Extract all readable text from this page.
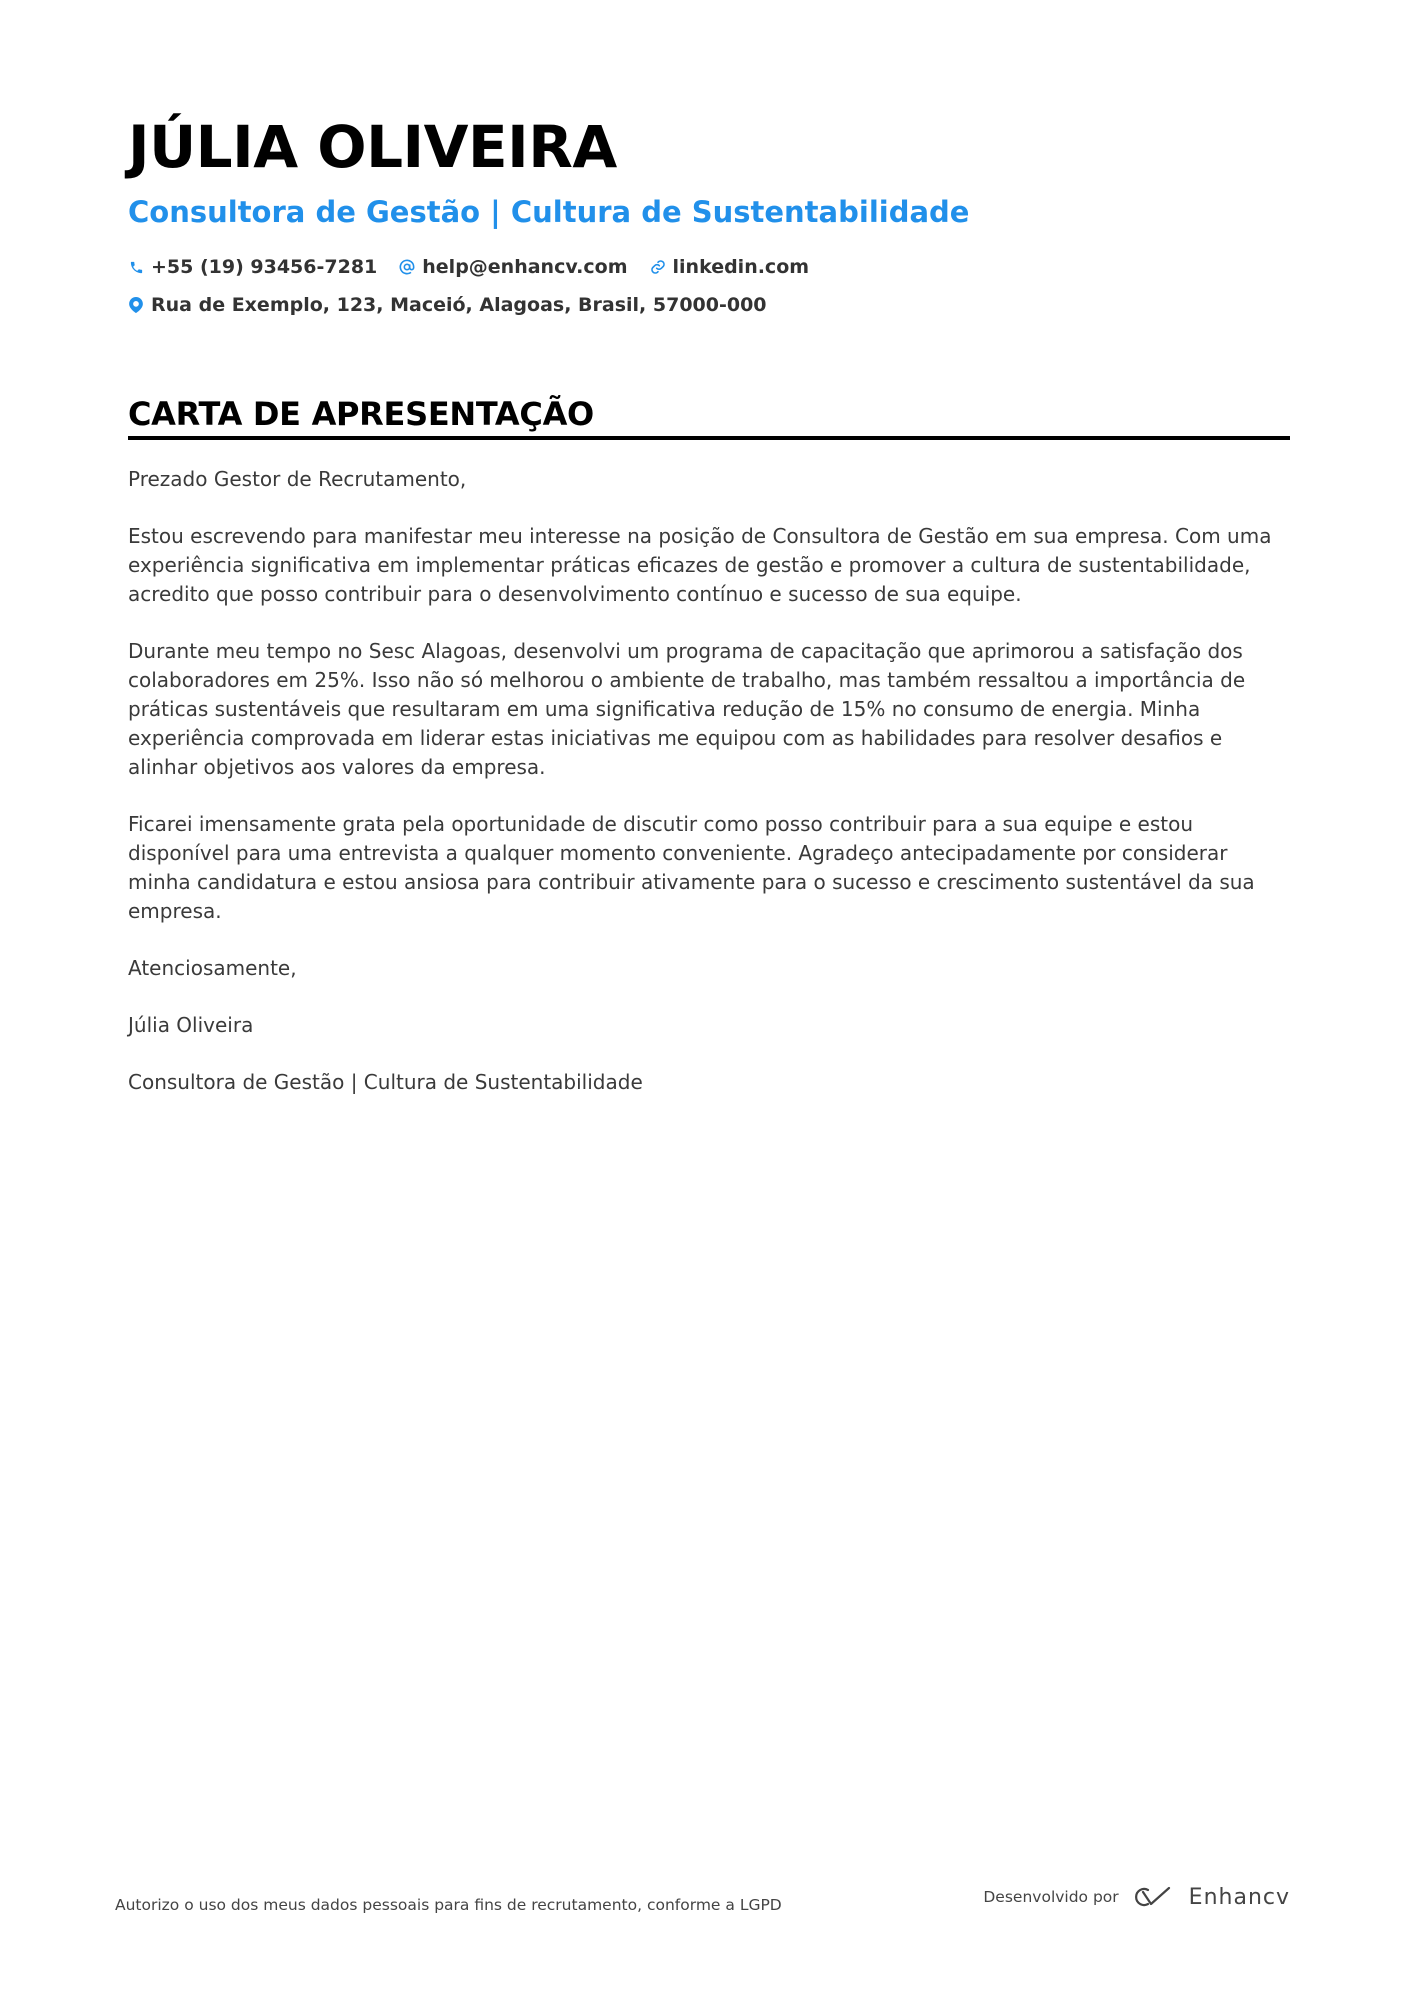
JÚLIA OLIVEIRA
Consultora de Gestão | Cultura de Sustentabilidade
+55 (19) 93456-7281 help@enhancv.com linkedin.com
Rua de Exemplo, 123, Maceió, Alagoas, Brasil, 57000-000
CARTA DE APRESENTAÇÃO

Prezado Gestor de Recrutamento,

Estou escrevendo para manifestar meu interesse na posição de Consultora de Gestão em sua empresa. Com uma experiência significativa em implementar práticas eficazes de gestão e promover a cultura de sustentabilidade, acredito que posso contribuir para o desenvolvimento contínuo e sucesso de sua equipe.

Durante meu tempo no Sesc Alagoas, desenvolvi um programa de capacitação que aprimorou a satisfação dos colaboradores em 25%. Isso não só melhorou o ambiente de trabalho, mas também ressaltou a importância de práticas sustentáveis que resultaram em uma significativa redução de 15% no consumo de energia. Minha experiência comprovada em liderar estas iniciativas me equipou com as habilidades para resolver desafios e alinhar objetivos aos valores da empresa.

Ficarei imensamente grata pela oportunidade de discutir como posso contribuir para a sua equipe e estou disponível para uma entrevista a qualquer momento conveniente. Agradeço antecipadamente por considerar minha candidatura e estou ansiosa para contribuir ativamente para o sucesso e crescimento sustentável da sua empresa.

Atenciosamente,

Júlia Oliveira

Consultora de Gestão | Cultura de Sustentabilidade

Autorizo o uso dos meus dados pessoais para fins de recrutamento, conforme a LGPD	Desenvolvido por	Enhancv
